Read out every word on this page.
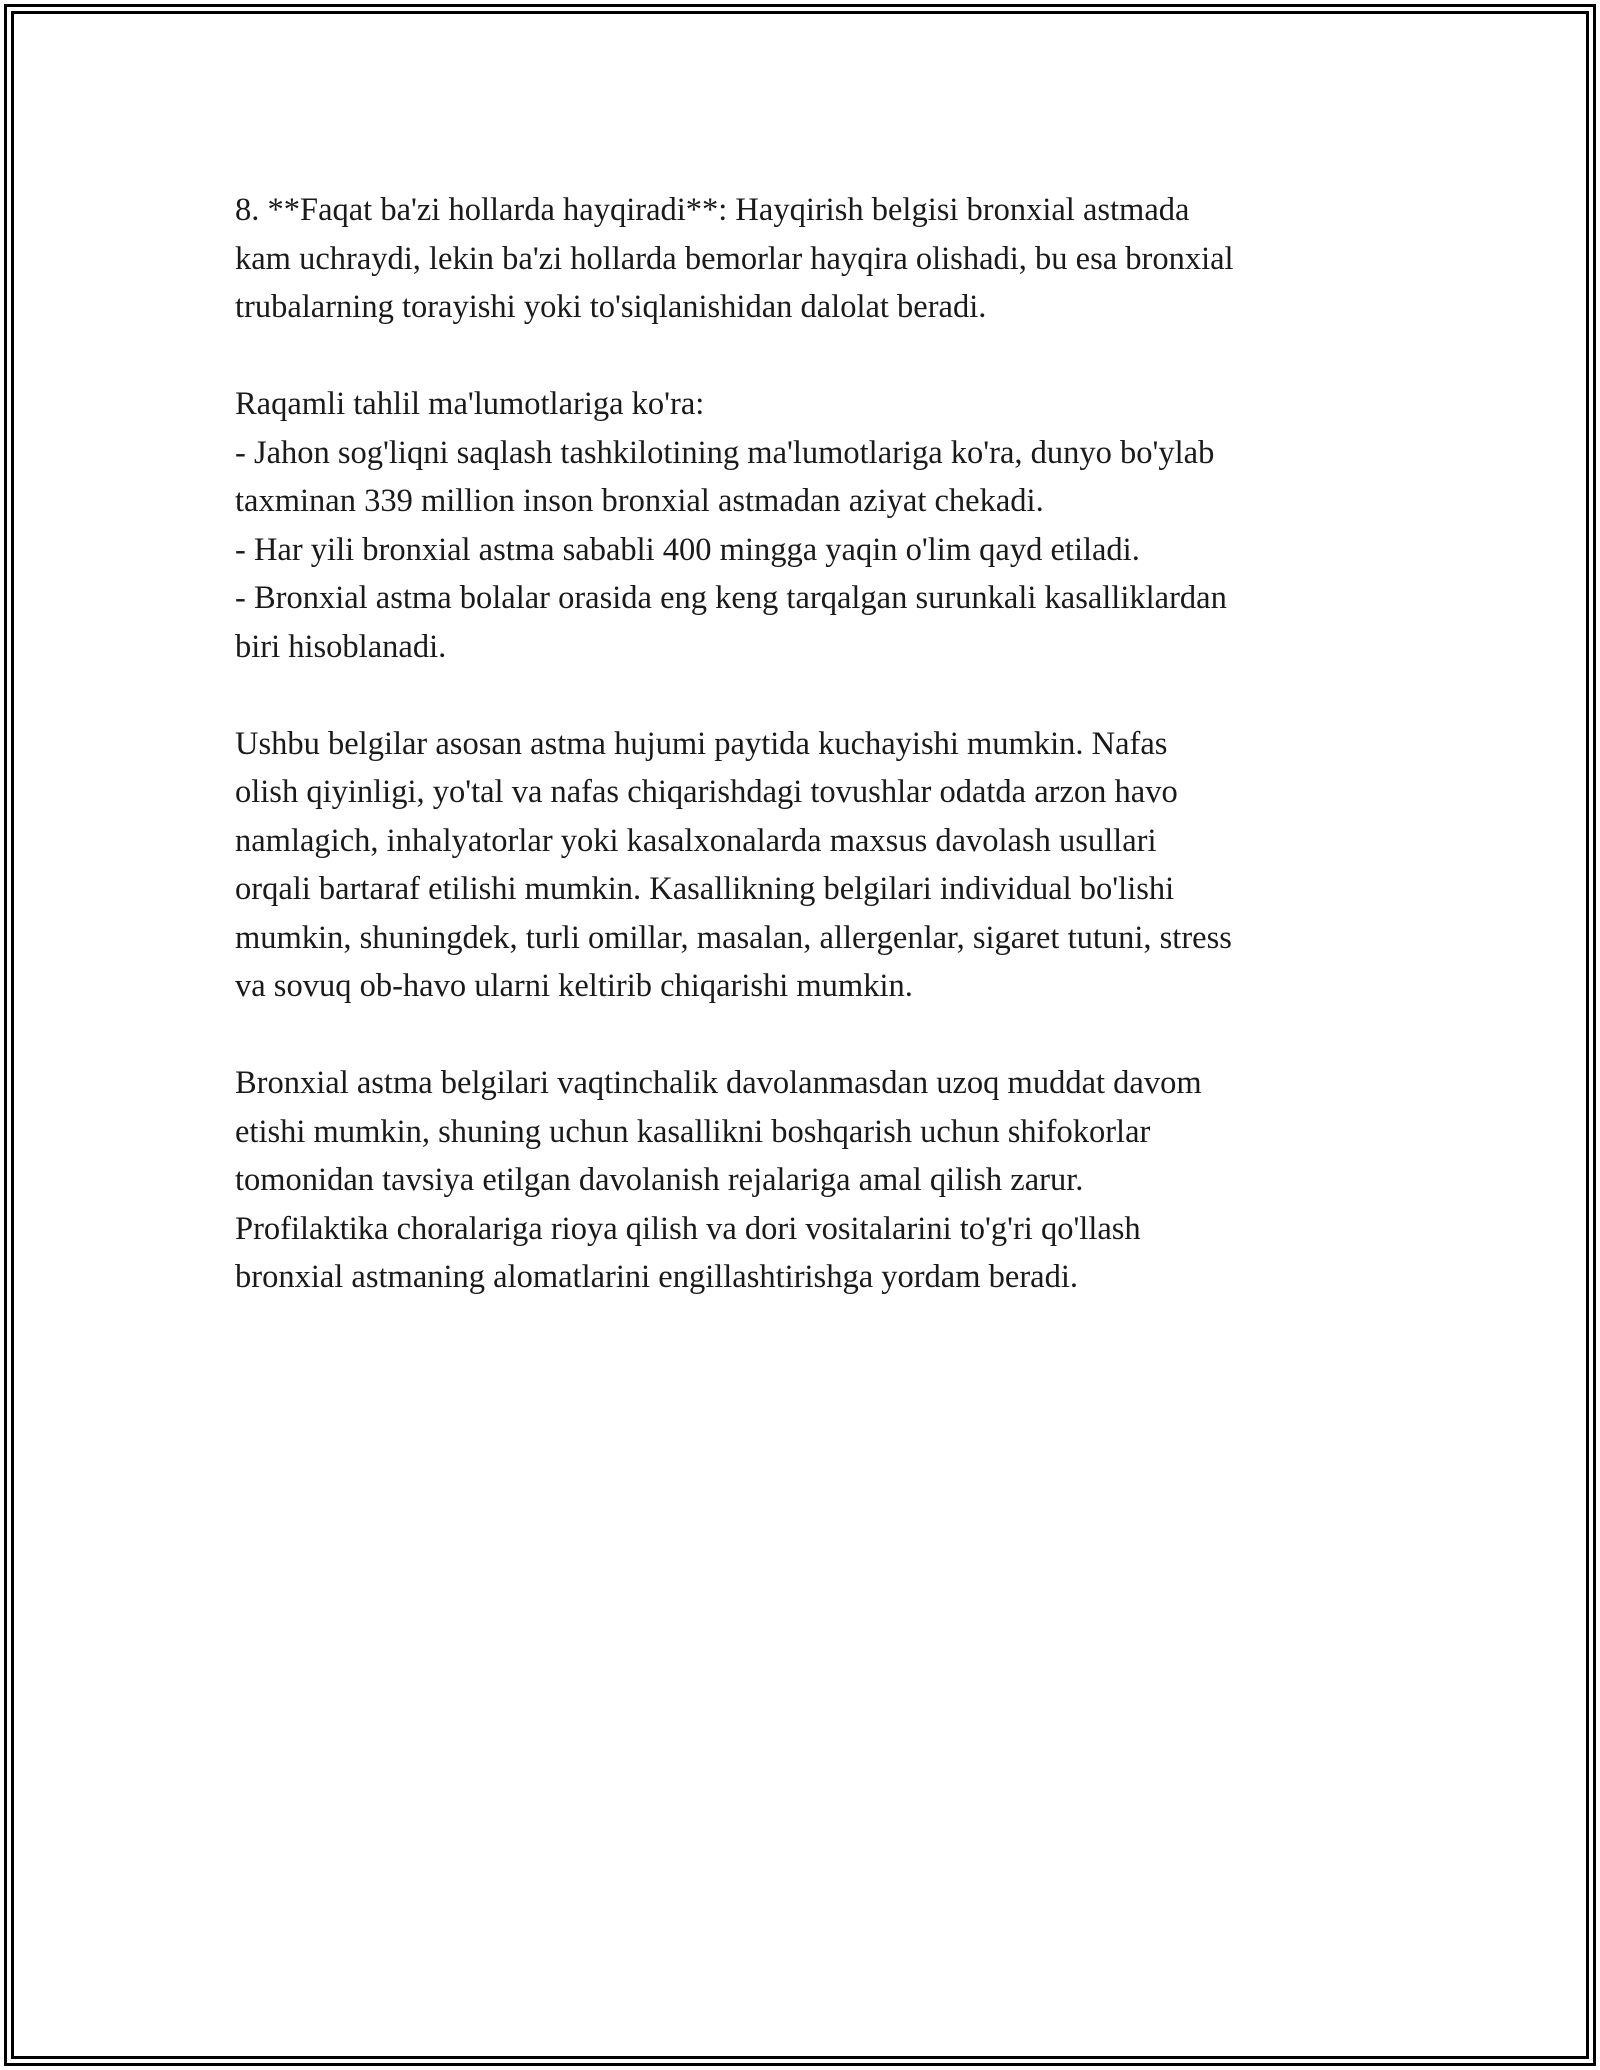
8. **Faqat ba'zi hollarda hayqiradi**: Hayqirish belgisi bronxial astmada
kam uchraydi, lekin ba'zi hollarda bemorlar hayqira olishadi, bu esa bronxial
trubalarning torayishi yoki to'siqlanishidan dalolat beradi.
Raqamli tahlil ma'lumotlariga ko'ra:
- Jahon sog'liqni saqlash tashkilotining ma'lumotlariga ko'ra, dunyo bo'ylab
taxminan 339 million inson bronxial astmadan aziyat chekadi.
- Har yili bronxial astma sababli 400 mingga yaqin o'lim qayd etiladi.
- Bronxial astma bolalar orasida eng keng tarqalgan surunkali kasalliklardan
biri hisoblanadi.
Ushbu belgilar asosan astma hujumi paytida kuchayishi mumkin. Nafas
olish qiyinligi, yo'tal va nafas chiqarishdagi tovushlar odatda arzon havo
namlagich, inhalyatorlar yoki kasalxonalarda maxsus davolash usullari
orqali bartaraf etilishi mumkin. Kasallikning belgilari individual bo'lishi
mumkin, shuningdek, turli omillar, masalan, allergenlar, sigaret tutuni, stress
va sovuq ob-havo ularni keltirib chiqarishi mumkin.
Bronxial astma belgilari vaqtinchalik davolanmasdan uzoq muddat davom
etishi mumkin, shuning uchun kasallikni boshqarish uchun shifokorlar
tomonidan tavsiya etilgan davolanish rejalariga amal qilish zarur.
Profilaktika choralariga rioya qilish va dori vositalarini to'g'ri qo'llash
bronxial astmaning alomatlarini engillashtirishga yordam beradi.
